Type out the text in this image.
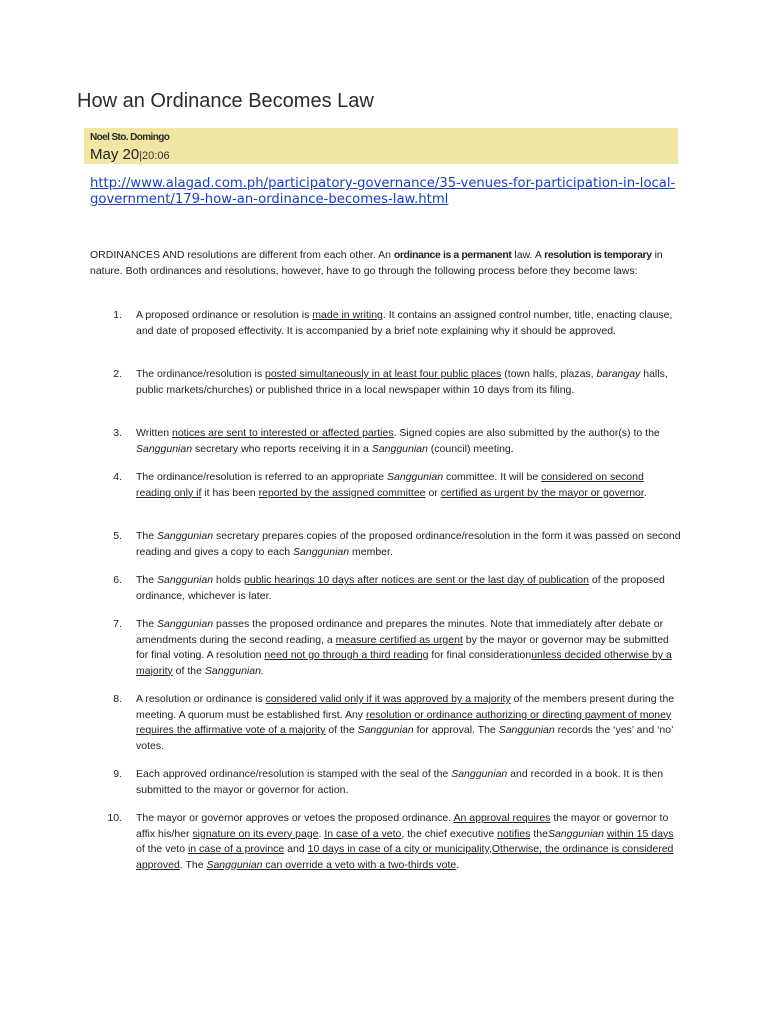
How an Ordinance Becomes Law
Noel Sto. Domingo
May 20|20:06
http://www.alagad.com.ph/participatory-governance/35-venues-for-participation-in-local-government/179-how-an-ordinance-becomes-law.html

ORDINANCES AND resolutions are different from each other. An ordinance is a permanent law. A resolution is temporary in nature. Both ordinances and resolutions, however, have to go through the following process before they become laws:

1. A proposed ordinance or resolution is made in writing. It contains an assigned control number, title, enacting clause, and date of proposed effectivity. It is accompanied by a brief note explaining why it should be approved.
2. The ordinance/resolution is posted simultaneously in at least four public places (town halls, plazas, barangay halls, public markets/churches) or published thrice in a local newspaper within 10 days from its filing.
3. Written notices are sent to interested or affected parties. Signed copies are also submitted by the author(s) to the Sanggunian secretary who reports receiving it in a Sanggunian (council) meeting.
4. The ordinance/resolution is referred to an appropriate Sanggunian committee. It will be considered on second reading only if it has been reported by the assigned committee or certified as urgent by the mayor or governor.
5. The Sanggunian secretary prepares copies of the proposed ordinance/resolution in the form it was passed on second reading and gives a copy to each Sanggunian member.
6. The Sanggunian holds public hearings 10 days after notices are sent or the last day of publication of the proposed ordinance, whichever is later.
7. The Sanggunian passes the proposed ordinance and prepares the minutes. Note that immediately after debate or amendments during the second reading, a measure certified as urgent by the mayor or governor may be submitted for final voting. A resolution need not go through a third reading for final considerationunless decided otherwise by a majority of the Sanggunian.
8. A resolution or ordinance is considered valid only if it was approved by a majority of the members present during the meeting. A quorum must be established first. Any resolution or ordinance authorizing or directing payment of money requires the affirmative vote of a majority of the Sanggunian for approval. The Sanggunian records the ‘yes’ and ‘no’ votes.
9. Each approved ordinance/resolution is stamped with the seal of the Sanggunian and recorded in a book. It is then submitted to the mayor or governor for action.
10. The mayor or governor approves or vetoes the proposed ordinance. An approval requires the mayor or governor to affix his/her signature on its every page. In case of a veto, the chief executive notifies theSanggunian within 15 days of the veto in case of a province and 10 days in case of a city or municipality,Otherwise, the ordinance is considered approved. The Sanggunian can override a veto with a two-thirds vote.
